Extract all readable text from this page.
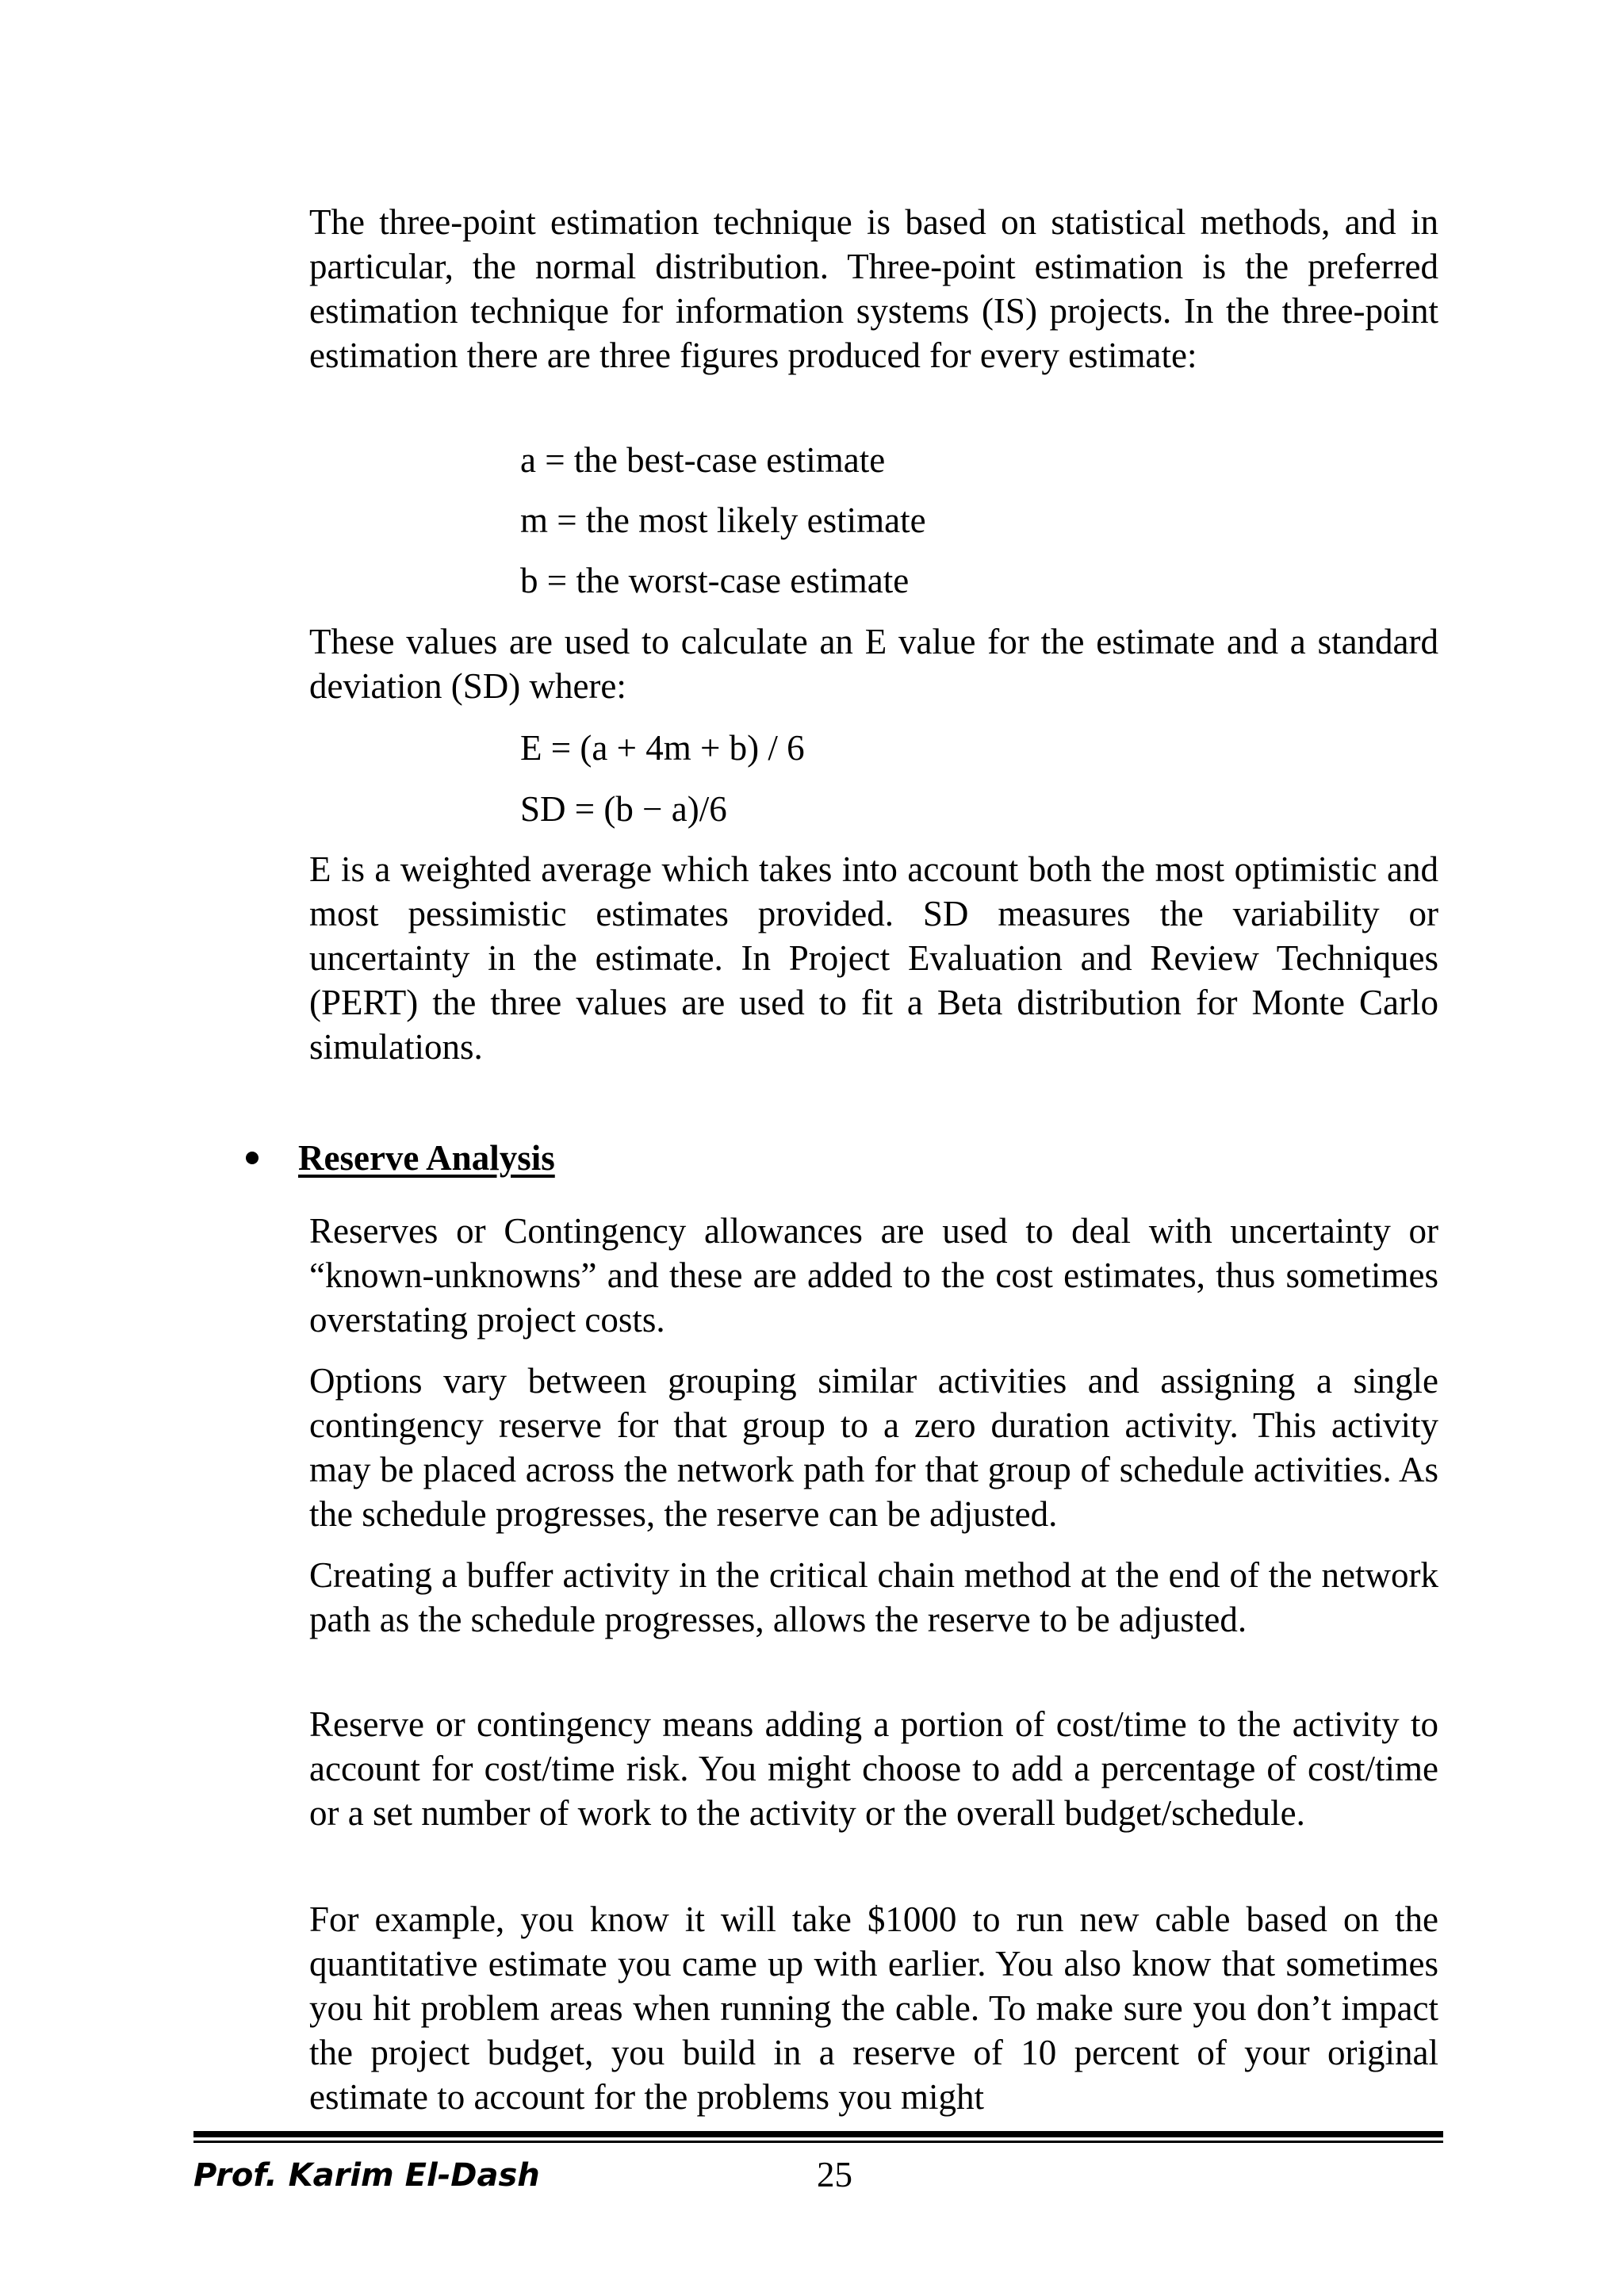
The three-point estimation technique is based on statistical methods, and in particular, the normal distribution. Three-point estimation is the preferred estimation technique for information systems (IS) projects. In the three-point estimation there are three figures produced for every estimate:

a = the best-case estimate
m = the most likely estimate
b = the worst-case estimate

These values are used to calculate an E value for the estimate and a standard deviation (SD) where:

E = (a + 4m + b) / 6
SD = (b − a)/6

E is a weighted average which takes into account both the most optimistic and most pessimistic estimates provided. SD measures the variability or uncertainty in the estimate. In Project Evaluation and Review Techniques (PERT) the three values are used to fit a Beta distribution for Monte Carlo simulations.

Reserve Analysis

Reserves or Contingency allowances are used to deal with uncertainty or “known-unknowns” and these are added to the cost estimates, thus sometimes overstating project costs.

Options vary between grouping similar activities and assigning a single contingency reserve for that group to a zero duration activity. This activity may be placed across the network path for that group of schedule activities. As the schedule progresses, the reserve can be adjusted.

Creating a buffer activity in the critical chain method at the end of the network path as the schedule progresses, allows the reserve to be adjusted.

Reserve or contingency means adding a portion of cost/time to the activity to account for cost/time risk. You might choose to add a percentage of cost/time or a set number of work to the activity or the overall budget/schedule.

For example, you know it will take $1000 to run new cable based on the quantitative estimate you came up with earlier. You also know that sometimes you hit problem areas when running the cable. To make sure you don’t impact the project budget, you build in a reserve of 10 percent of your original estimate to account for the problems you might

Prof. Karim El-Dash	25
